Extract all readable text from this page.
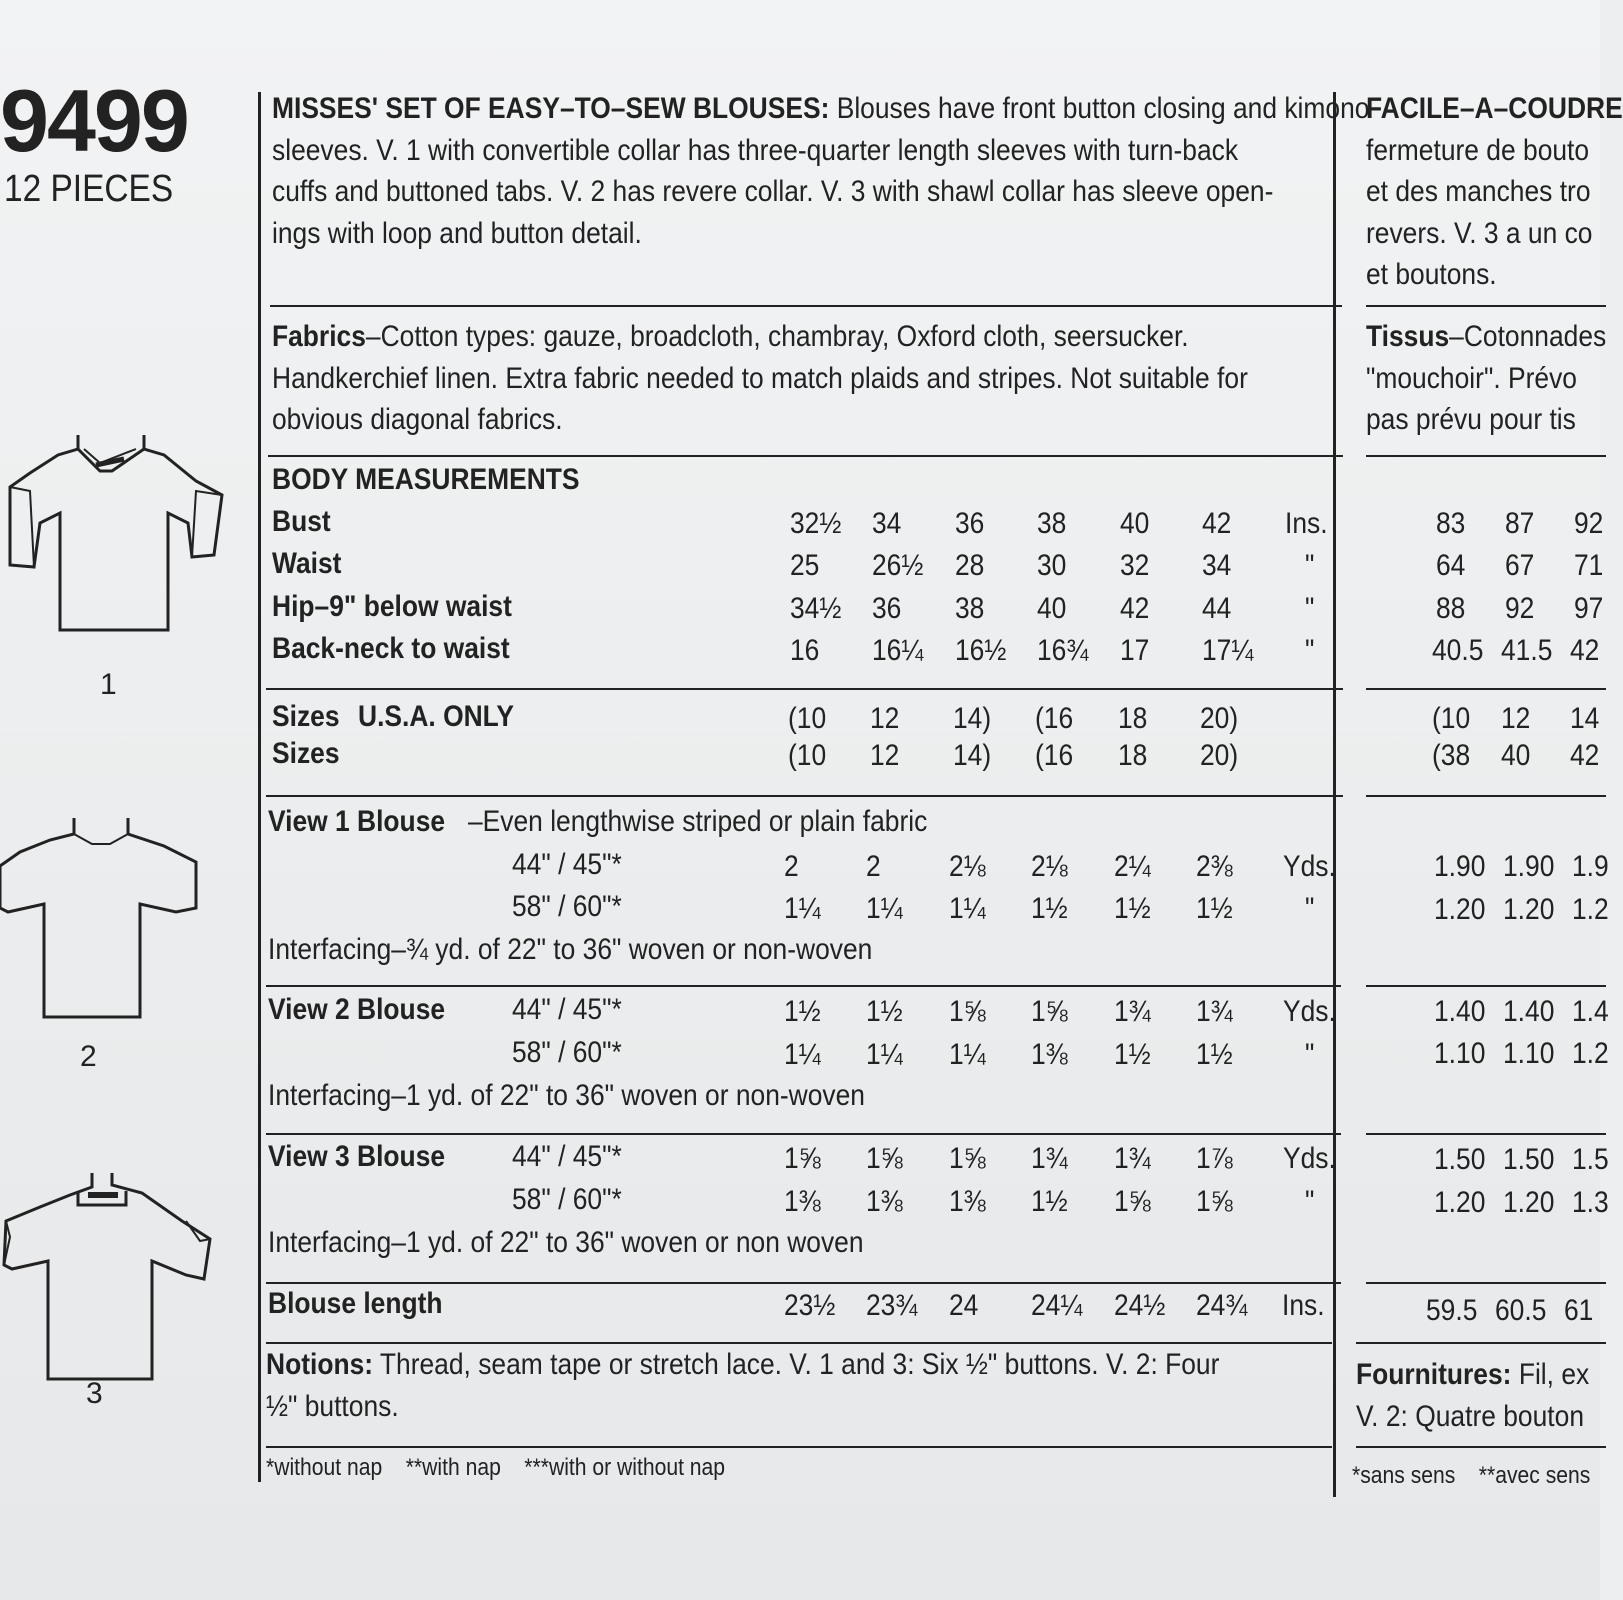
9499
12 PIECES
1
2
3
MISSES' SET OF EASY–TO–SEW BLOUSES: Blouses have front button closing and kimono
sleeves. V. 1 with convertible collar has three-quarter length sleeves with turn-back
cuffs and buttoned tabs. V. 2 has revere collar. V. 3 with shawl collar has sleeve open-
ings with loop and button detail.
Fabrics–Cotton types: gauze, broadcloth, chambray, Oxford cloth, seersucker.
Handkerchief linen. Extra fabric needed to match plaids and stripes. Not suitable for
obvious diagonal fabrics.
BODY MEASUREMENTS
Bust	32½ 34 36 38 40 42 Ins.
Waist	25 26½ 28 30 32 34 "
Hip–9" below waist	34½ 36 38 40 42 44 "
Back-neck to waist	16 16¼ 16½ 16¾ 17 17¼ "
Sizes U.S.A. ONLY	(10 12 14) (16 18 20)
Sizes	(10 12 14) (16 18 20)
View 1 Blouse –Even lengthwise striped or plain fabric
44" / 45"*	2 2 2⅛ 2⅛ 2¼ 2⅜ Yds.
58" / 60"*	1¼ 1¼ 1¼ 1½ 1½ 1½ "
Interfacing–¾ yd. of 22" to 36" woven or non-woven
View 2 Blouse 44" / 45"*	1½ 1½ 1⅝ 1⅝ 1¾ 1¾ Yds.
58" / 60"*	1¼ 1¼ 1¼ 1⅜ 1½ 1½ "
Interfacing–1 yd. of 22" to 36" woven or non-woven
View 3 Blouse 44" / 45"*	1⅝ 1⅝ 1⅝ 1¾ 1¾ 1⅞ Yds.
58" / 60"*	1⅜ 1⅜ 1⅜ 1½ 1⅝ 1⅝ "
Interfacing–1 yd. of 22" to 36" woven or non woven
Blouse length	23½ 23¾ 24 24¼ 24½ 24¾ Ins.
Notions: Thread, seam tape or stretch lace. V. 1 and 3: Six ½" buttons. V. 2: Four
½" buttons.
*without nap    **with nap    ***with or without nap
FACILE–A–COUDRE
fermeture de bouto
et des manches tro
revers. V. 3 a un co
et boutons.
Tissus–Cotonnades
"mouchoir". Prévo
pas prévu pour tis
83 87 92
64 67 71
88 92 97
40.5 41.5 42
(10 12 14
(38 40 42
1.90 1.90 1.9
1.20 1.20 1.2
1.40 1.40 1.4
1.10 1.10 1.2
1.50 1.50 1.5
1.20 1.20 1.3
59.5 60.5 61
Fournitures: Fil, ex
V. 2: Quatre bouton
*sans sens    **avec sens
